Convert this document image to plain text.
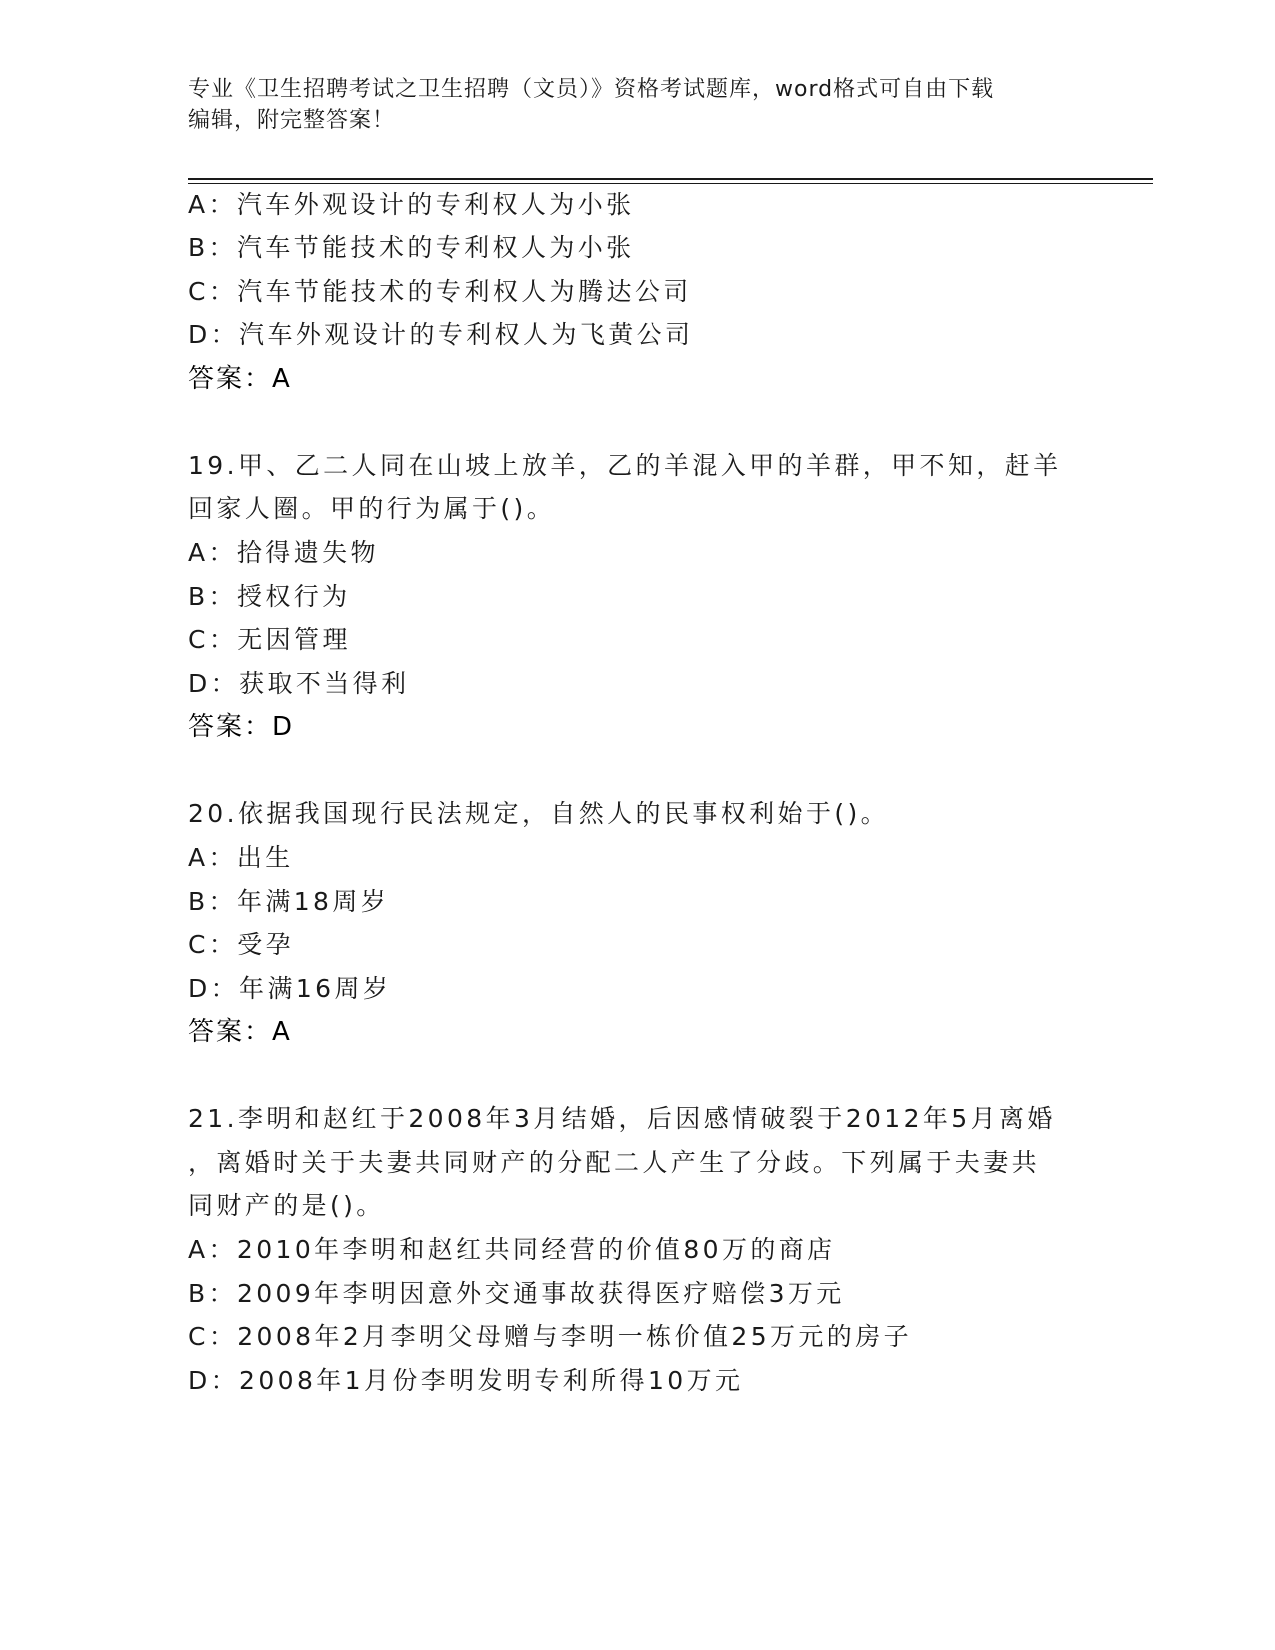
专业《卫生招聘考试之卫生招聘（文员）》资格考试题库，word格式可自由下载
编辑，附完整答案！
A：汽车外观设计的专利权人为小张
B：汽车节能技术的专利权人为小张
C：汽车节能技术的专利权人为腾达公司
D：汽车外观设计的专利权人为飞黄公司
答案：A
19.甲、乙二人同在山坡上放羊，乙的羊混入甲的羊群，甲不知，赶羊
回家人圈。甲的行为属于()。
A：拾得遗失物
B：授权行为
C：无因管理
D：获取不当得利
答案：D
20.依据我国现行民法规定，自然人的民事权利始于()。
A：出生
B：年满18周岁
C：受孕
D：年满16周岁
答案：A
21.李明和赵红于2008年3月结婚，后因感情破裂于2012年5月离婚
，离婚时关于夫妻共同财产的分配二人产生了分歧。下列属于夫妻共
同财产的是()。
A：2010年李明和赵红共同经营的价值80万的商店
B：2009年李明因意外交通事故获得医疗赔偿3万元
C：2008年2月李明父母赠与李明一栋价值25万元的房子
D：2008年1月份李明发明专利所得10万元
